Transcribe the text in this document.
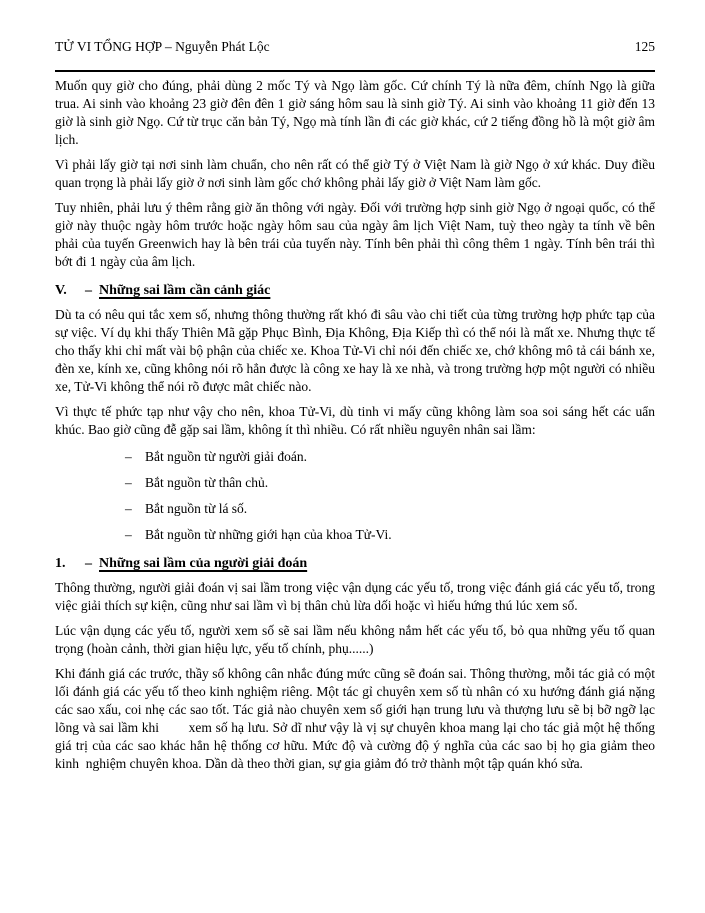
TỬ VI TỔNG HỢP – Nguyễn Phát Lộc	125

Muốn quy giờ cho đúng, phải dùng 2 mốc Tý và Ngọ làm gốc. Cứ chính Tý là nữa đêm, chính Ngọ là giữa trua. Ai sinh vào khoảng 23 giờ đên đên 1 giờ sáng hôm sau là sinh giờ Tý. Ai sinh vào khoảng 11 giờ đến 13 giờ là sinh giờ Ngọ. Cứ từ trục căn bản Tý, Ngọ mà tính lần đi các giờ khác, cứ 2 tiếng đồng hồ là một giờ âm lịch.

Vì phải lấy giờ tại nơi sinh làm chuẩn, cho nên rất có thể giờ Tý ở Việt Nam là giờ Ngọ ở xứ khác. Duy điều quan trọng là phải lấy giờ ở nơi sinh làm gốc chớ không phải lấy giờ ở Việt Nam làm gốc.

Tuy nhiên, phải lưu ý thêm rằng giờ ăn thông với ngày. Đối với trường hợp sinh giờ Ngọ ở ngoại quốc, có thể giờ này thuộc ngày hôm trước hoặc ngày hôm sau của ngày âm lịch Việt Nam, tuỳ theo ngày ta tính về bên phải của tuyến Greenwich hay là bên trái của tuyến này. Tính bên phải thì công thêm 1 ngày. Tính bên trái thì bớt đi 1 ngày của âm lịch.

V.	– Những sai lầm cần cảnh giác

Dù ta có nêu qui tắc xem số, nhưng thông thường rất khó đi sâu vào chi tiết của từng trường hợp phức tạp của sự việc. Ví dụ khi thấy Thiên Mã gặp Phục Bình, Địa Không, Địa Kiếp thì có thể nói là mất xe. Nhưng thực tế cho thấy khi chỉ mất vài bộ phận của chiếc xe. Khoa Tử-Vi chỉ nói đến chiếc xe, chớ không mô tả cái bánh xe, đèn xe, kính xe, cũng không nói rõ hẳn được là công xe hay là xe nhà, và trong trường hợp một người có nhiều xe, Tử-Vi không thể nói rõ được mât chiếc nào.

Vì thực tế phức tạp như vậy cho nên, khoa Tử-Vi, dù tinh vi mấy cũng không làm soa soi sáng hết các uẩn khúc. Bao giờ cũng đễ gặp sai lầm, không ít thì nhiều. Có rất nhiều nguyên nhân sai lầm:

– Bắt nguồn từ người giải đoán.
– Bắt nguồn từ thân chủ.
– Bắt nguồn từ lá số.
– Bắt nguồn từ những giới hạn của khoa Tử-Vi.
1.	– Những sai lầm của người giải đoán

Thông thường, người giải đoán vị sai lầm trong việc vận dụng các yếu tố, trong việc đánh giá các yếu tố, trong việc giải thích sự kiện, cũng như sai lầm vì bị thân chủ lừa dối hoặc vì hiếu hứng thú lúc xem số.

Lúc vận dụng các yếu tố, người xem số sẽ sai lầm nếu không nắm hết các yếu tố, bỏ qua những yếu tố quan trọng (hoàn cảnh, thời gian hiệu lực, yếu tố chính, phụ......)

Khi đánh giá các trước, thầy số không cân nhắc đúng mức cũng sẽ đoán sai. Thông thường, mỗi tác giả có một lối đánh giá các yếu tố theo kinh nghiệm riêng. Một tác gỉ chuyên xem số tù nhân có xu hướng đánh giá nặng các sao xấu, coi nhẹ các sao tốt. Tác giả nào chuyên xem số giới hạn trung lưu và thượng lưu sẽ bị bỡ ngỡ lạc lõng và sai lầm khi        xem số hạ lưu. Sở dĩ như vậy là vị sự chuyên khoa mang lại cho tác giả một hệ thống giá trị của các sao khác hẳn hệ thống cơ hữu. Mức độ và cường độ ý nghĩa của các sao bị họ gia giảm theo kinh  nghiệm chuyên khoa. Dần dà theo thời gian, sự gia giảm đó trở thành một tập quán khó sửa.
